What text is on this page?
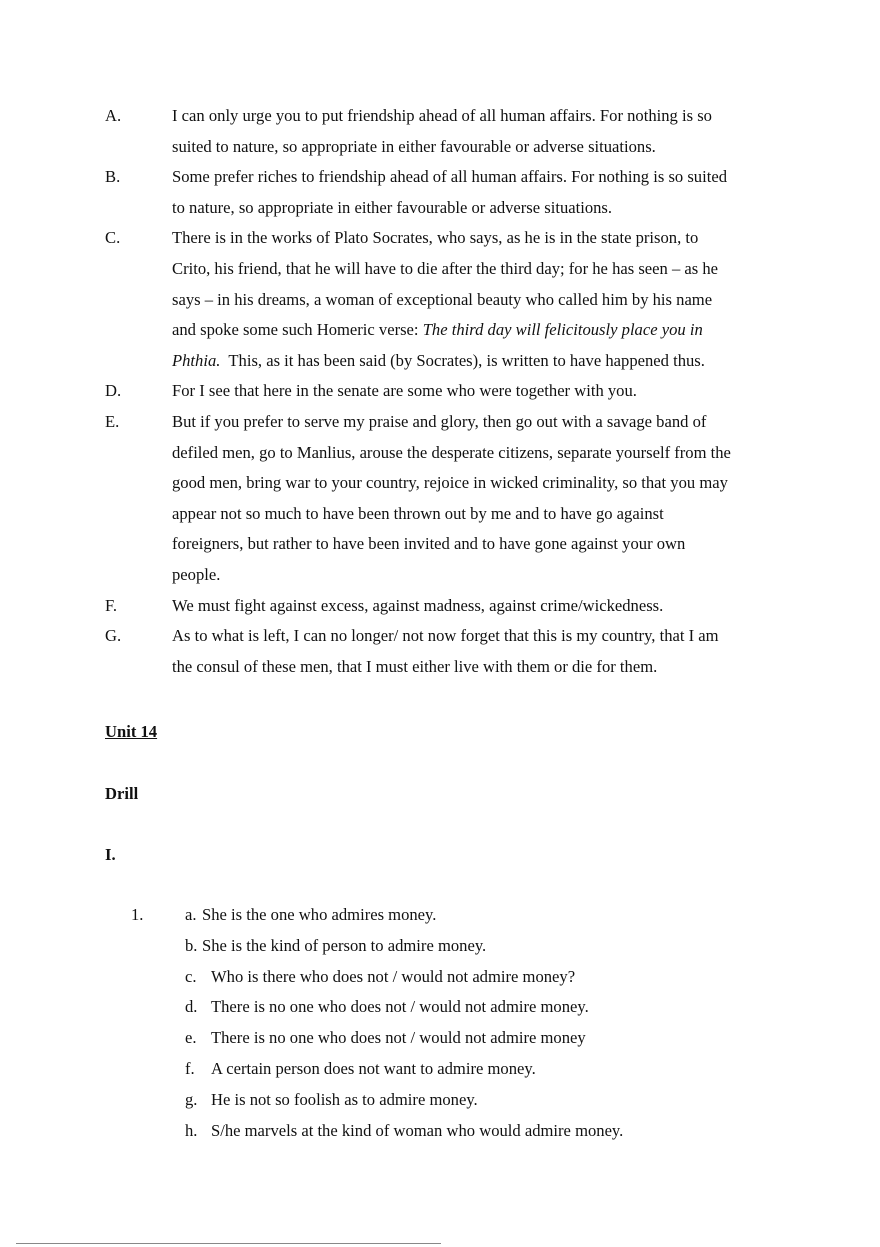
A.	I can only urge you to put friendship ahead of all human affairs. For nothing is so
suited to nature, so appropriate in either favourable or adverse situations.
B.	Some prefer riches to friendship ahead of all human affairs. For nothing is so suited
to nature, so appropriate in either favourable or adverse situations.
C.	There is in the works of Plato Socrates, who says, as he is in the state prison, to
Crito, his friend, that he will have to die after the third day; for he has seen – as he
says – in his dreams, a woman of exceptional beauty who called him by his name
and spoke some such Homeric verse: The third day will felicitously place you in
Phthia.  This, as it has been said (by Socrates), is written to have happened thus.
D.	For I see that here in the senate are some who were together with you.
E.	But if you prefer to serve my praise and glory, then go out with a savage band of
defiled men, go to Manlius, arouse the desperate citizens, separate yourself from the
good men, bring war to your country, rejoice in wicked criminality, so that you may
appear not so much to have been thrown out by me and to have go against
foreigners, but rather to have been invited and to have gone against your own
people.
F.	We must fight against excess, against madness, against crime/wickedness.
G.	As to what is left, I can no longer/ not now forget that this is my country, that I am
the consul of these men, that I must either live with them or die for them.
Unit 14
Drill
I.
1.	a. She is the one who admires money.
b. She is the kind of person to admire money.
c. Who is there who does not / would not admire money?
d. There is no one who does not / would not admire money.
e. There is no one who does not / would not admire money
f. A certain person does not want to admire money.
g. He is not so foolish as to admire money.
h. S/he marvels at the kind of woman who would admire money.
